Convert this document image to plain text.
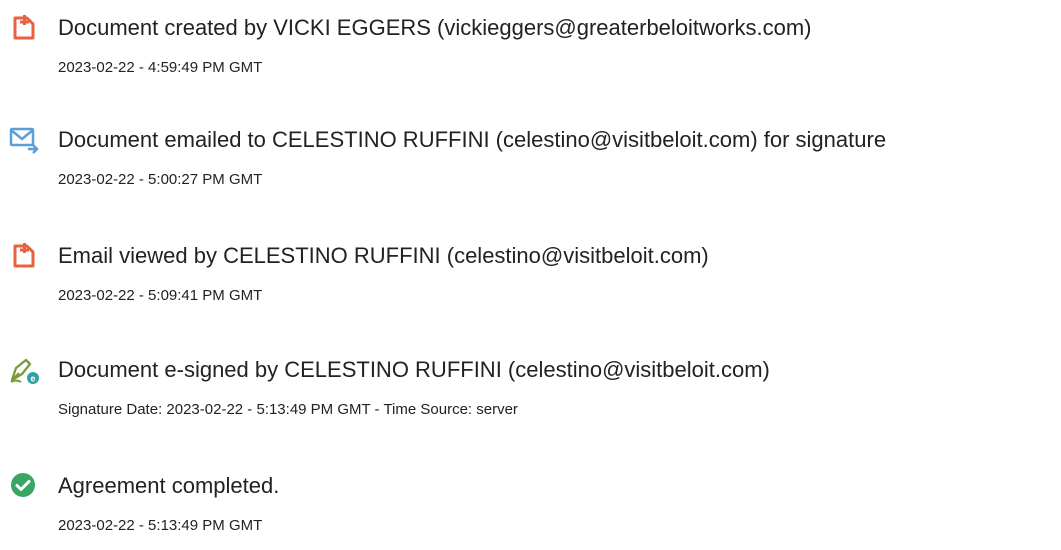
Document created by VICKI EGGERS (vickieggers@greaterbeloitworks.com)
2023-02-22 - 4:59:49 PM GMT
Document emailed to CELESTINO RUFFINI (celestino@visitbeloit.com) for signature
2023-02-22 - 5:00:27 PM GMT
Email viewed by CELESTINO RUFFINI (celestino@visitbeloit.com)
2023-02-22 - 5:09:41 PM GMT
e Document e-signed by CELESTINO RUFFINI (celestino@visitbeloit.com)
Signature Date: 2023-02-22 - 5:13:49 PM GMT - Time Source: server
Agreement completed.
2023-02-22 - 5:13:49 PM GMT
